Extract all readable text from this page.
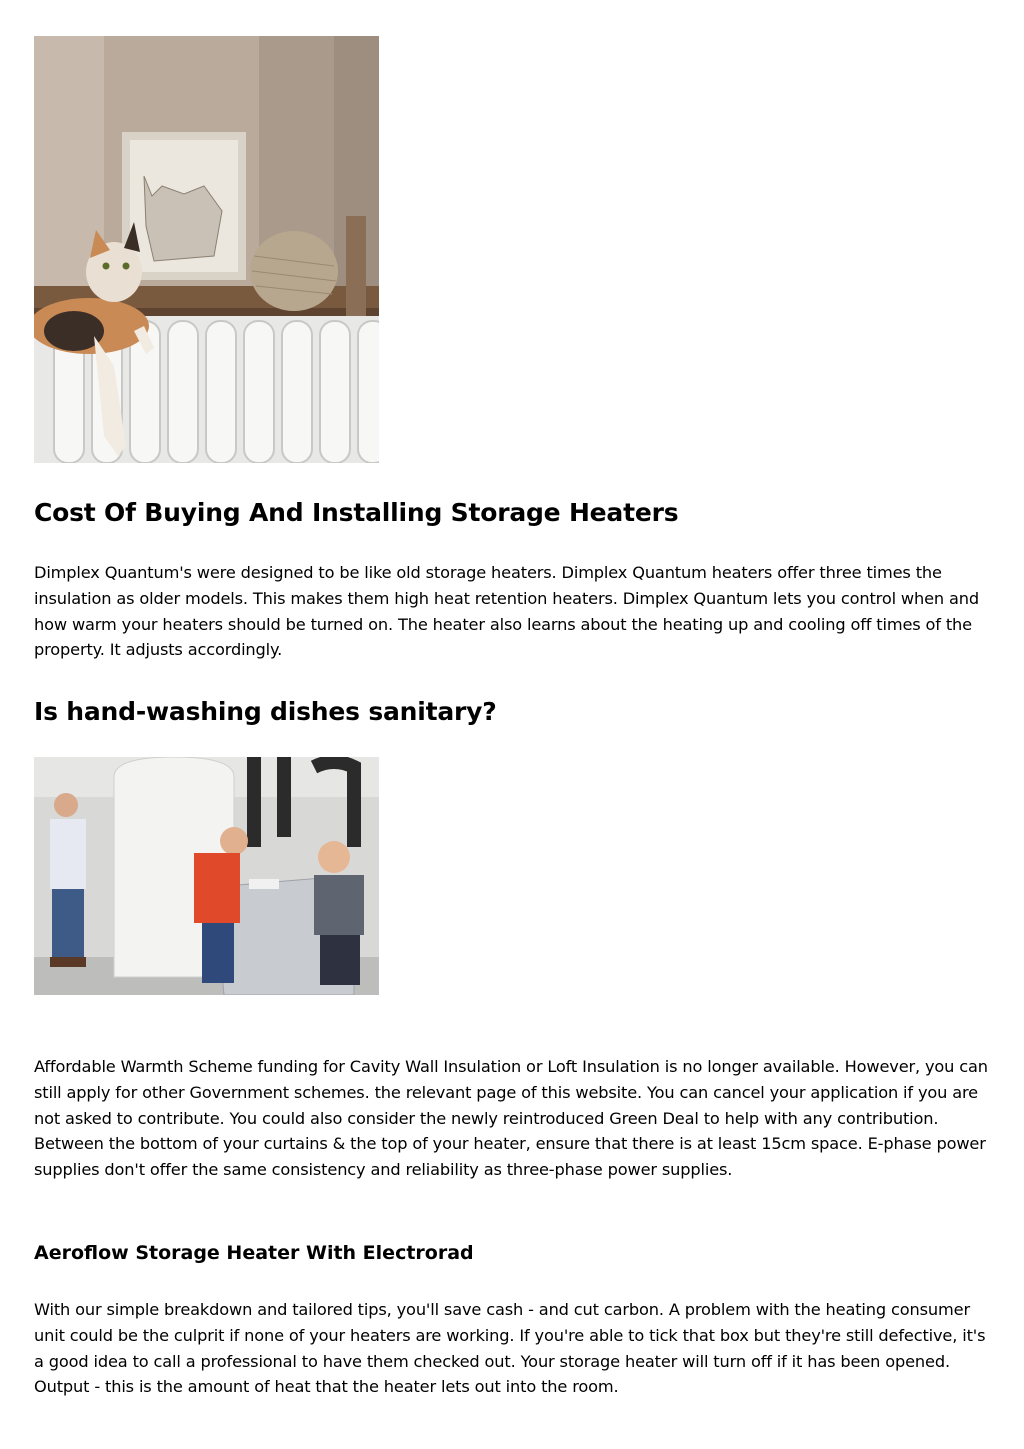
Cost Of Buying And Installing Storage Heaters

Dimplex Quantum's were designed to be like old storage heaters. Dimplex Quantum heaters offer three times the insulation as older models. This makes them high heat retention heaters. Dimplex Quantum lets you control when and how warm your heaters should be turned on. The heater also learns about the heating up and cooling off times of the property. It adjusts accordingly.

Is hand-washing dishes sanitary?

Affordable Warmth Scheme funding for Cavity Wall Insulation or Loft Insulation is no longer available. However, you can still apply for other Government schemes. the relevant page of this website. You can cancel your application if you are not asked to contribute. You could also consider the newly reintroduced Green Deal to help with any contribution. Between the bottom of your curtains & the top of your heater, ensure that there is at least 15cm space. E-phase power supplies don't offer the same consistency and reliability as three-phase power supplies.

Aeroflow Storage Heater With Electrorad

With our simple breakdown and tailored tips, you'll save cash - and cut carbon. A problem with the heating consumer unit could be the culprit if none of your heaters are working. If you're able to tick that box but they're still defective, it's a good idea to call a professional to have them checked out. Your storage heater will turn off if it has been opened. Output - this is the amount of heat that the heater lets out into the room.
